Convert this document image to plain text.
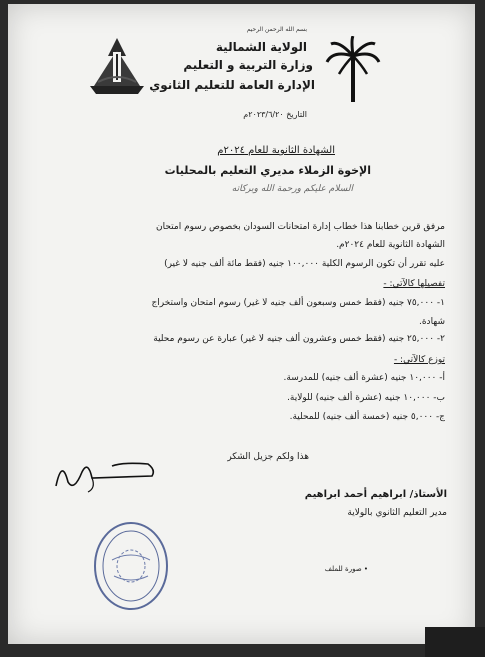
بسم الله الرحمن الرحيم
الولاية الشمالية
وزارة التربية و التعليم
الإدارة العامة للتعليم الثانوي
التاريخ ٢٠٢٣/٦/٢٠م
الشهادة الثانوية للعام ٢٠٢٤م
الإخوة الزملاء مديري التعليم بالمحليات
السلام عليكم ورحمة الله وبركاته
مرفق قرين خطابنا هذا خطاب إدارة امتحانات السودان بخصوص رسوم امتحان
الشهادة الثانوية للعام ٢٠٢٤م.
عليه تقرر أن تكون الرسوم الكلية ١٠٠,٠٠٠ جنيه (فقط مائة ألف جنيه لا غير)
تفصيلها كالآتي: -
١- ٧٥,٠٠٠ جنيه (فقط خمس وسبعون ألف جنيه لا غير) رسوم امتحان واستخراج
شهادة.
٢- ٢٥,٠٠٠ جنيه (فقط خمس وعشرون ألف جنيه لا غير) عبارة عن رسوم محلية
توزع كالآتي: -
أ- ١٠,٠٠٠ جنيه (عشرة ألف جنيه) للمدرسة.
ب- ١٠,٠٠٠ جنيه (عشرة ألف جنيه) للولاية.
ج- ٥,٠٠٠ جنيه (خمسة ألف جنيه) للمحلية.
هذا ولكم جزيل الشكر
الأستاذ/ ابراهيم أحمد ابراهيم
مدير التعليم الثانوي بالولاية
• صورة للملف
